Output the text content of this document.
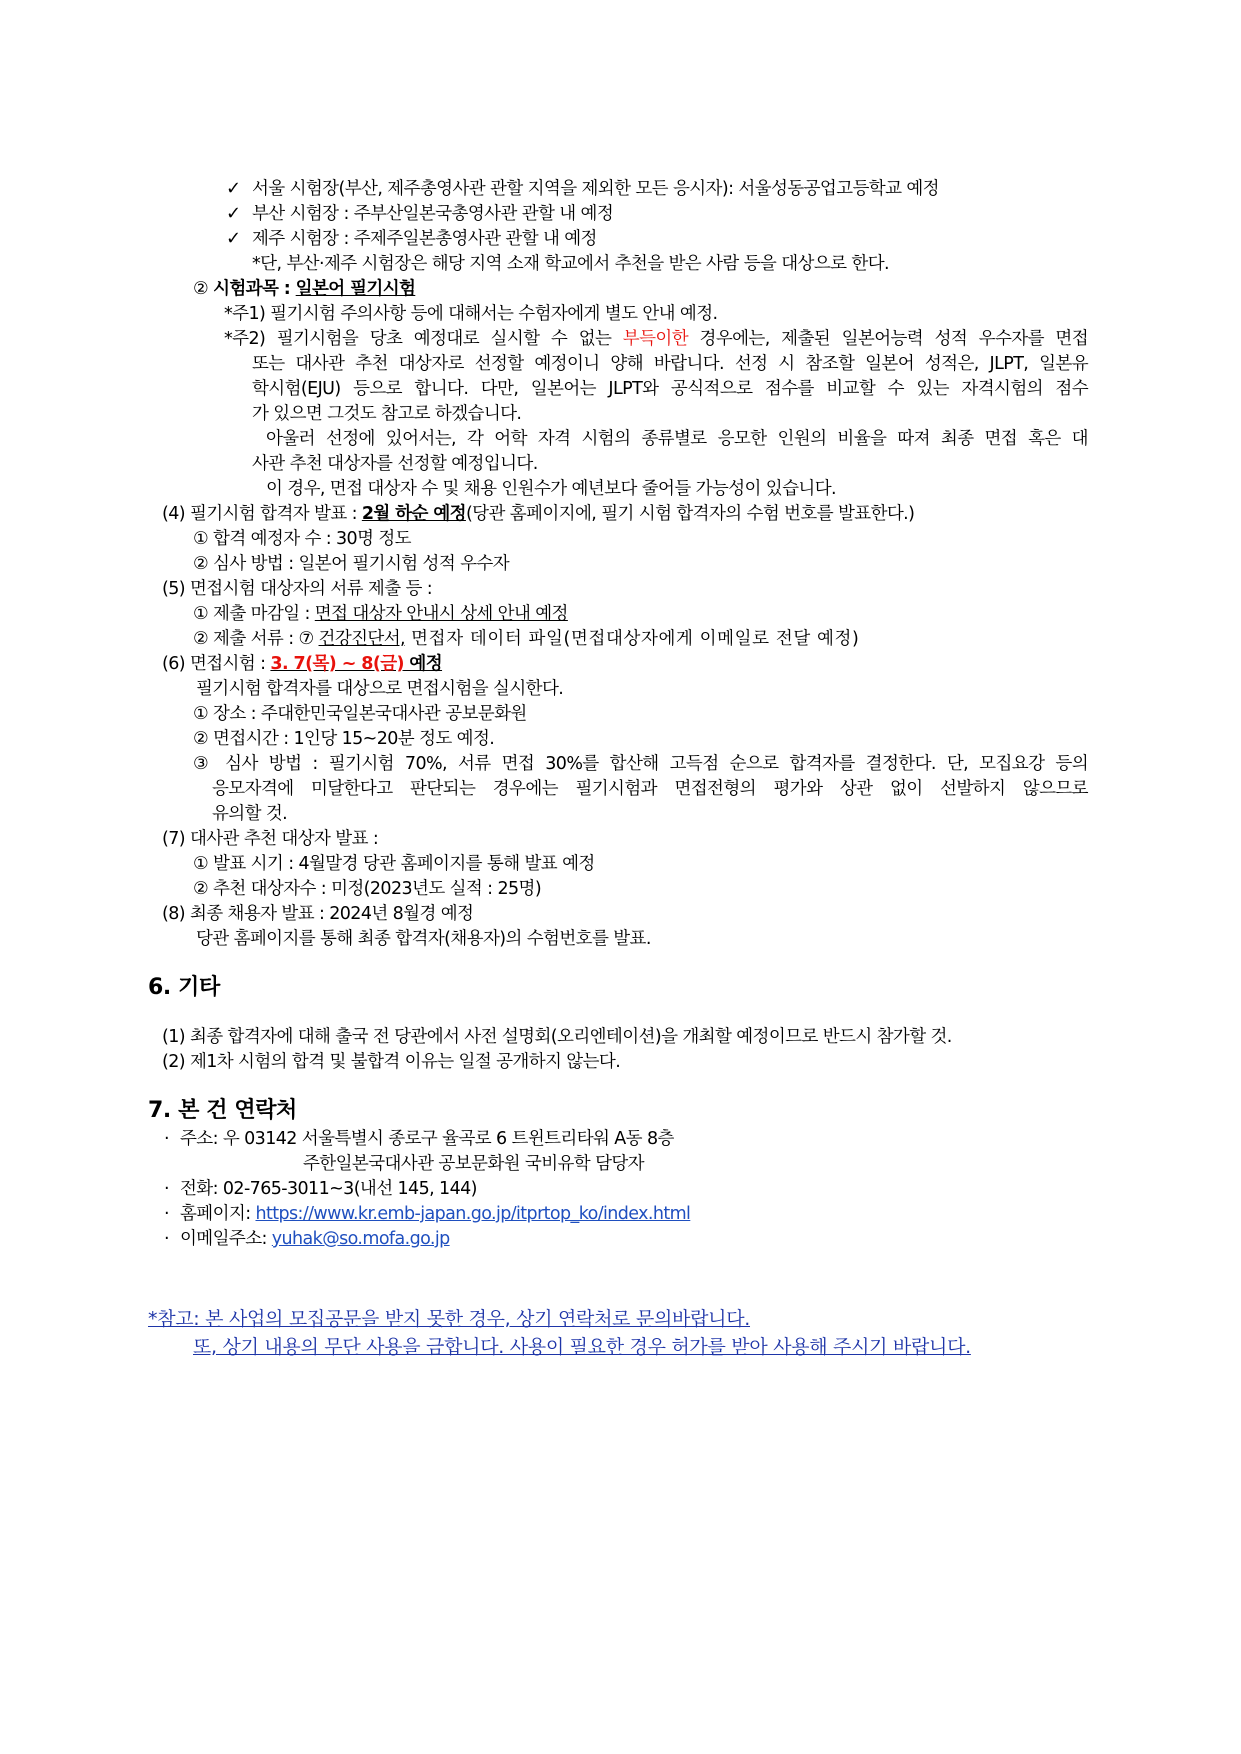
✓ 서울 시험장(부산, 제주총영사관 관할 지역을 제외한 모든 응시자): 서울성동공업고등학교 예정
✓ 부산 시험장 : 주부산일본국총영사관 관할 내 예정
✓ 제주 시험장 : 주제주일본총영사관 관할 내 예정
*단, 부산·제주 시험장은 해당 지역 소재 학교에서 추천을 받은 사람 등을 대상으로 한다.
② 시험과목 : 일본어 필기시험
*주1) 필기시험 주의사항 등에 대해서는 수험자에게 별도 안내 예정.
*주2) 필기시험을 당초 예정대로 실시할 수 없는 부득이한 경우에는, 제출된 일본어능력 성적 우수자를 면접
또는 대사관 추천 대상자로 선정할 예정이니 양해 바랍니다. 선정 시 참조할 일본어 성적은, JLPT, 일본유
학시험(EJU) 등으로 합니다. 다만, 일본어는 JLPT와 공식적으로 점수를 비교할 수 있는 자격시험의 점수
가 있으면 그것도 참고로 하겠습니다.
아울러 선정에 있어서는, 각 어학 자격 시험의 종류별로 응모한 인원의 비율을 따져 최종 면접 혹은 대
사관 추천 대상자를 선정할 예정입니다.
이 경우, 면접 대상자 수 및 채용 인원수가 예년보다 줄어들 가능성이 있습니다.
(4) 필기시험 합격자 발표 : 2월 하순 예정(당관 홈페이지에, 필기 시험 합격자의 수험 번호를 발표한다.)
① 합격 예정자 수 : 30명 정도
② 심사 방법 : 일본어 필기시험 성적 우수자
(5) 면접시험 대상자의 서류 제출 등 :
① 제출 마감일 : 면접 대상자 안내시 상세 안내 예정
② 제출 서류 : ⑦ 건강진단서, 면접자 데이터 파일(면접대상자에게 이메일로 전달 예정)
(6) 면접시험 : 3. 7(목) ~ 8(금) 예정
필기시험 합격자를 대상으로 면접시험을 실시한다.
① 장소 : 주대한민국일본국대사관 공보문화원
② 면접시간 : 1인당 15~20분 정도 예정.
③ 심사 방법 : 필기시험 70%, 서류 면접 30%를 합산해 고득점 순으로 합격자를 결정한다. 단, 모집요강 등의
응모자격에 미달한다고 판단되는 경우에는 필기시험과 면접전형의 평가와 상관 없이 선발하지 않으므로
유의할 것.
(7) 대사관 추천 대상자 발표 :
① 발표 시기 : 4월말경 당관 홈페이지를 통해 발표 예정
② 추천 대상자수 : 미정(2023년도 실적 : 25명)
(8) 최종 채용자 발표 : 2024년 8월경 예정
당관 홈페이지를 통해 최종 합격자(채용자)의 수험번호를 발표.
6. 기타
(1) 최종 합격자에 대해 출국 전 당관에서 사전 설명회(오리엔테이션)을 개최할 예정이므로 반드시 참가할 것.
(2) 제1차 시험의 합격 및 불합격 이유는 일절 공개하지 않는다.
7. 본 건 연락처
· 주소: 우 03142 서울특별시 종로구 율곡로 6 트윈트리타워 A동 8층
주한일본국대사관 공보문화원 국비유학 담당자
· 전화: 02-765-3011~3(내선 145, 144)
· 홈페이지: https://www.kr.emb-japan.go.jp/itprtop_ko/index.html
· 이메일주소: yuhak@so.mofa.go.jp
*참고: 본 사업의 모집공문을 받지 못한 경우, 상기 연락처로 문의바랍니다.
또, 상기 내용의 무단 사용을 금합니다. 사용이 필요한 경우 허가를 받아 사용해 주시기 바랍니다.
